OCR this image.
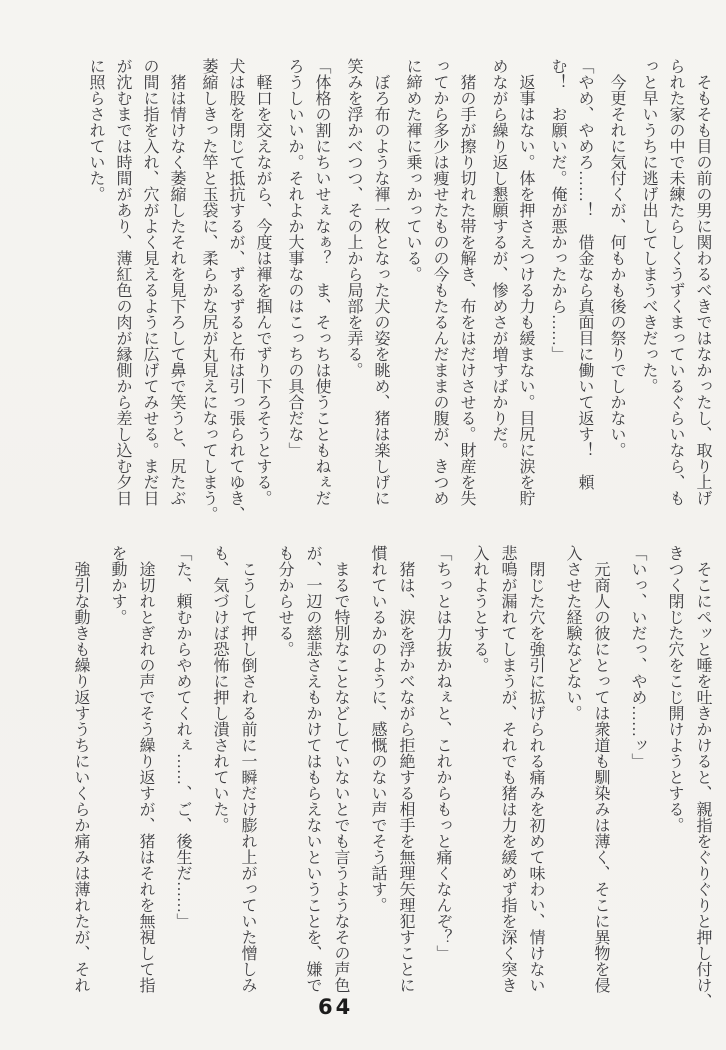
　そもそも目の前の男に関わるべきではなかったし、取り上げ
られた家の中で未練たらしくうずくまっているぐらいなら、も
っと早いうちに逃げ出してしまうべきだった。
　今更それに気付くが、何もかも後の祭りでしかない。
「やめ、やめろ……！　借金なら真面目に働いて返す！　頼
む！　お願いだ。俺が悪かったから……」
　返事はない。体を押さえつける力も緩まない。目尻に涙を貯
めながら繰り返し懇願するが、惨めさが増すばかりだ。
　猪の手が擦り切れた帯を解き、布をはだけさせる。財産を失
ってから多少は痩せたものの今もたるんだままの腹が、きつめ
に締めた褌に乗っかっている。
　ぼろ布のような褌一枚となった犬の姿を眺め、猪は楽しげに
笑みを浮かべつつ、その上から局部を弄る。
「体格の割にちいせぇなぁ？　ま、そっちは使うこともねぇだ
ろうしいいか。それよか大事なのはこっちの具合だな」
　軽口を交えながら、今度は褌を掴んでずり下ろそうとする。
犬は股を閉じて抵抗するが、ずるずると布は引っ張られてゆき、
萎縮しきった竿と玉袋に、柔らかな尻が丸見えになってしまう。
　猪は情けなく萎縮したそれを見下ろして鼻で笑うと、尻たぶ
の間に指を入れ、穴がよく見えるように広げてみせる。まだ日
が沈むまでは時間があり、薄紅色の肉が縁側から差し込む夕日
に照らされていた。
　そこにペッと唾を吐きかけると、親指をぐりぐりと押し付け、
きつく閉じた穴をこじ開けようとする。
「いっ、いだっ、やめ……ッ」
　元商人の彼にとっては衆道も馴染みは薄く、そこに異物を侵
入させた経験などない。
　閉じた穴を強引に拡げられる痛みを初めて味わい、情けない
悲鳴が漏れてしまうが、それでも猪は力を緩めず指を深く突き
入れようとする。
「ちっとは力抜かねぇと、これからもっと痛くなんぞ？」
　猪は、涙を浮かべながら拒絶する相手を無理矢理犯すことに
慣れているかのように、感慨のない声でそう話す。
　まるで特別なことなどしていないとでも言うようなその声色
が、一辺の慈悲さえもかけてはもらえないということを、嫌で
も分からせる。
　こうして押し倒される前に一瞬だけ膨れ上がっていた憎しみ
も、気づけば恐怖に押し潰されていた。
「た、頼むからやめてくれぇ……、ご、後生だ……」
　途切れとぎれの声でそう繰り返すが、猪はそれを無視して指
を動かす。
　強引な動きも繰り返すうちにいくらか痛みは薄れたが、それ
64
